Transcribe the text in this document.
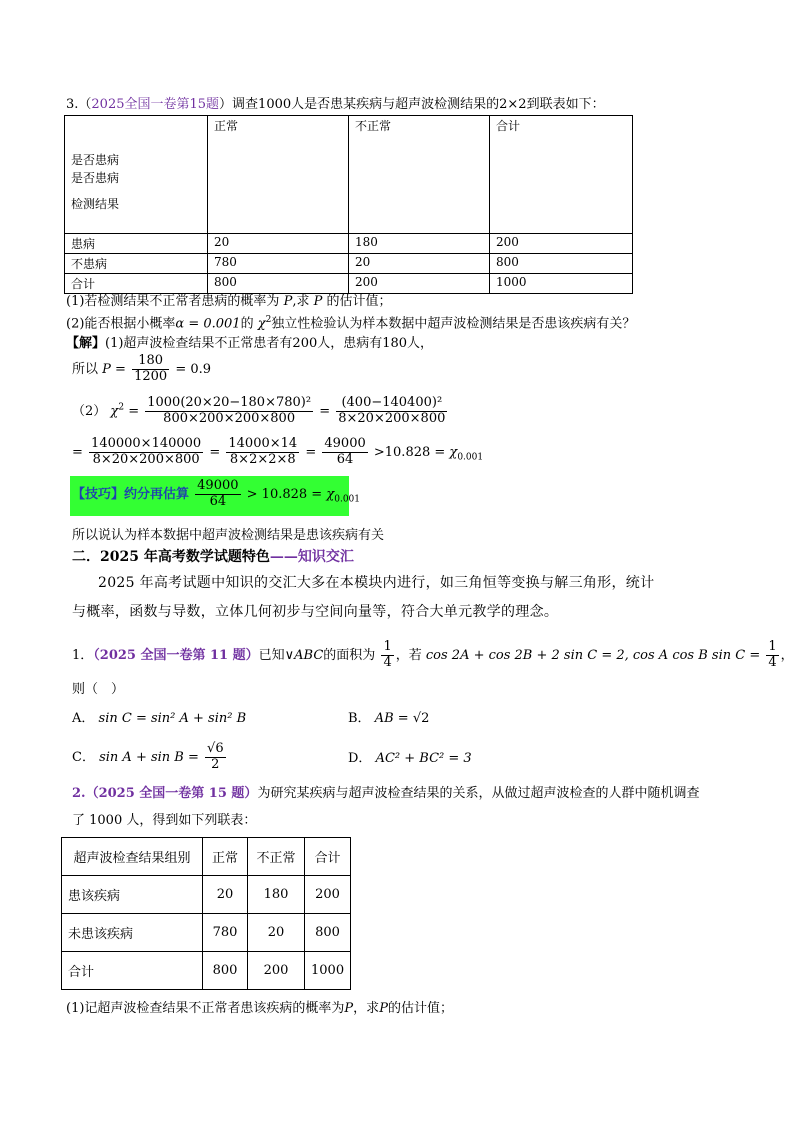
3.（2025全国一卷第15题）调查1000人是否患某疾病与超声波检测结果的2×2到联表如下：
是否患病
是否患病
检测结果	正常	不正常	合计
患病	20	180	200
不患病	780	20	800
合计	800	200	1000
(1)若检测结果不正常者患病的概率为 P,求 P 的估计值；
(2)能否根据小概率α = 0.001的 $\chi^2$独立性检验认为样本数据中超声波检测结果是否患该疾病有关？
【解】(1)超声波检查结果不正常患者有200人，患病有180人，
所以 $P = \frac{180}{1200} = 0.9$
（2） $\chi^2 = \frac{\text{1000(20×20−180×780)²}}{800\times 200\times 200\times 800} = \frac{\text{(400−140400)²}}{8\times 20\times 200\times 800}$
= $\frac{140000\times 140000}{8\times 20\times 200\times 800} = \frac{14000\times 14}{8\times 2\times 2\times 8} = \frac{49000}{64} >10.828 = \chi_{0.001}$
【技巧】约分再估算 $\frac{49000}{64} > 10.828 = \chi_{0.001}$
所以说认为样本数据中超声波检测结果是患该疾病有关
二．2025 年高考数学试题特色——知识交汇
2025 年高考试题中知识的交汇大多在本模块内进行，如三角恒等变换与解三角形，统计
与概率，函数与导数，立体几何初步与空间向量等，符合大单元教学的理念。
1．（2025 全国一卷第 11 题）已知∨ABC的面积为 $\frac{1}{4}$ ，若 cos 2A + cos 2B + 2 sin C = 2, cos A cos B $\sin C = \frac{1}{4}$ ，
则（　）
A． sin C = sin² A + sin² B	B． AB = √2
C． $\sin A + \sin B = \frac{√6}{2}$	D． AC² + BC² = 3
2.（2025 全国一卷第 15 题）为研究某疾病与超声波检查结果的关系，从做过超声波检查的人群中随机调查
了 1000 人，得到如下列联表：
超声波检查结果组别	正常	不正常	合计
患该疾病	20	180	200
未患该疾病	780	20	800
合计	800	200	1000
(1)记超声波检查结果不正常者患该疾病的概率为P，求P的估计值；
